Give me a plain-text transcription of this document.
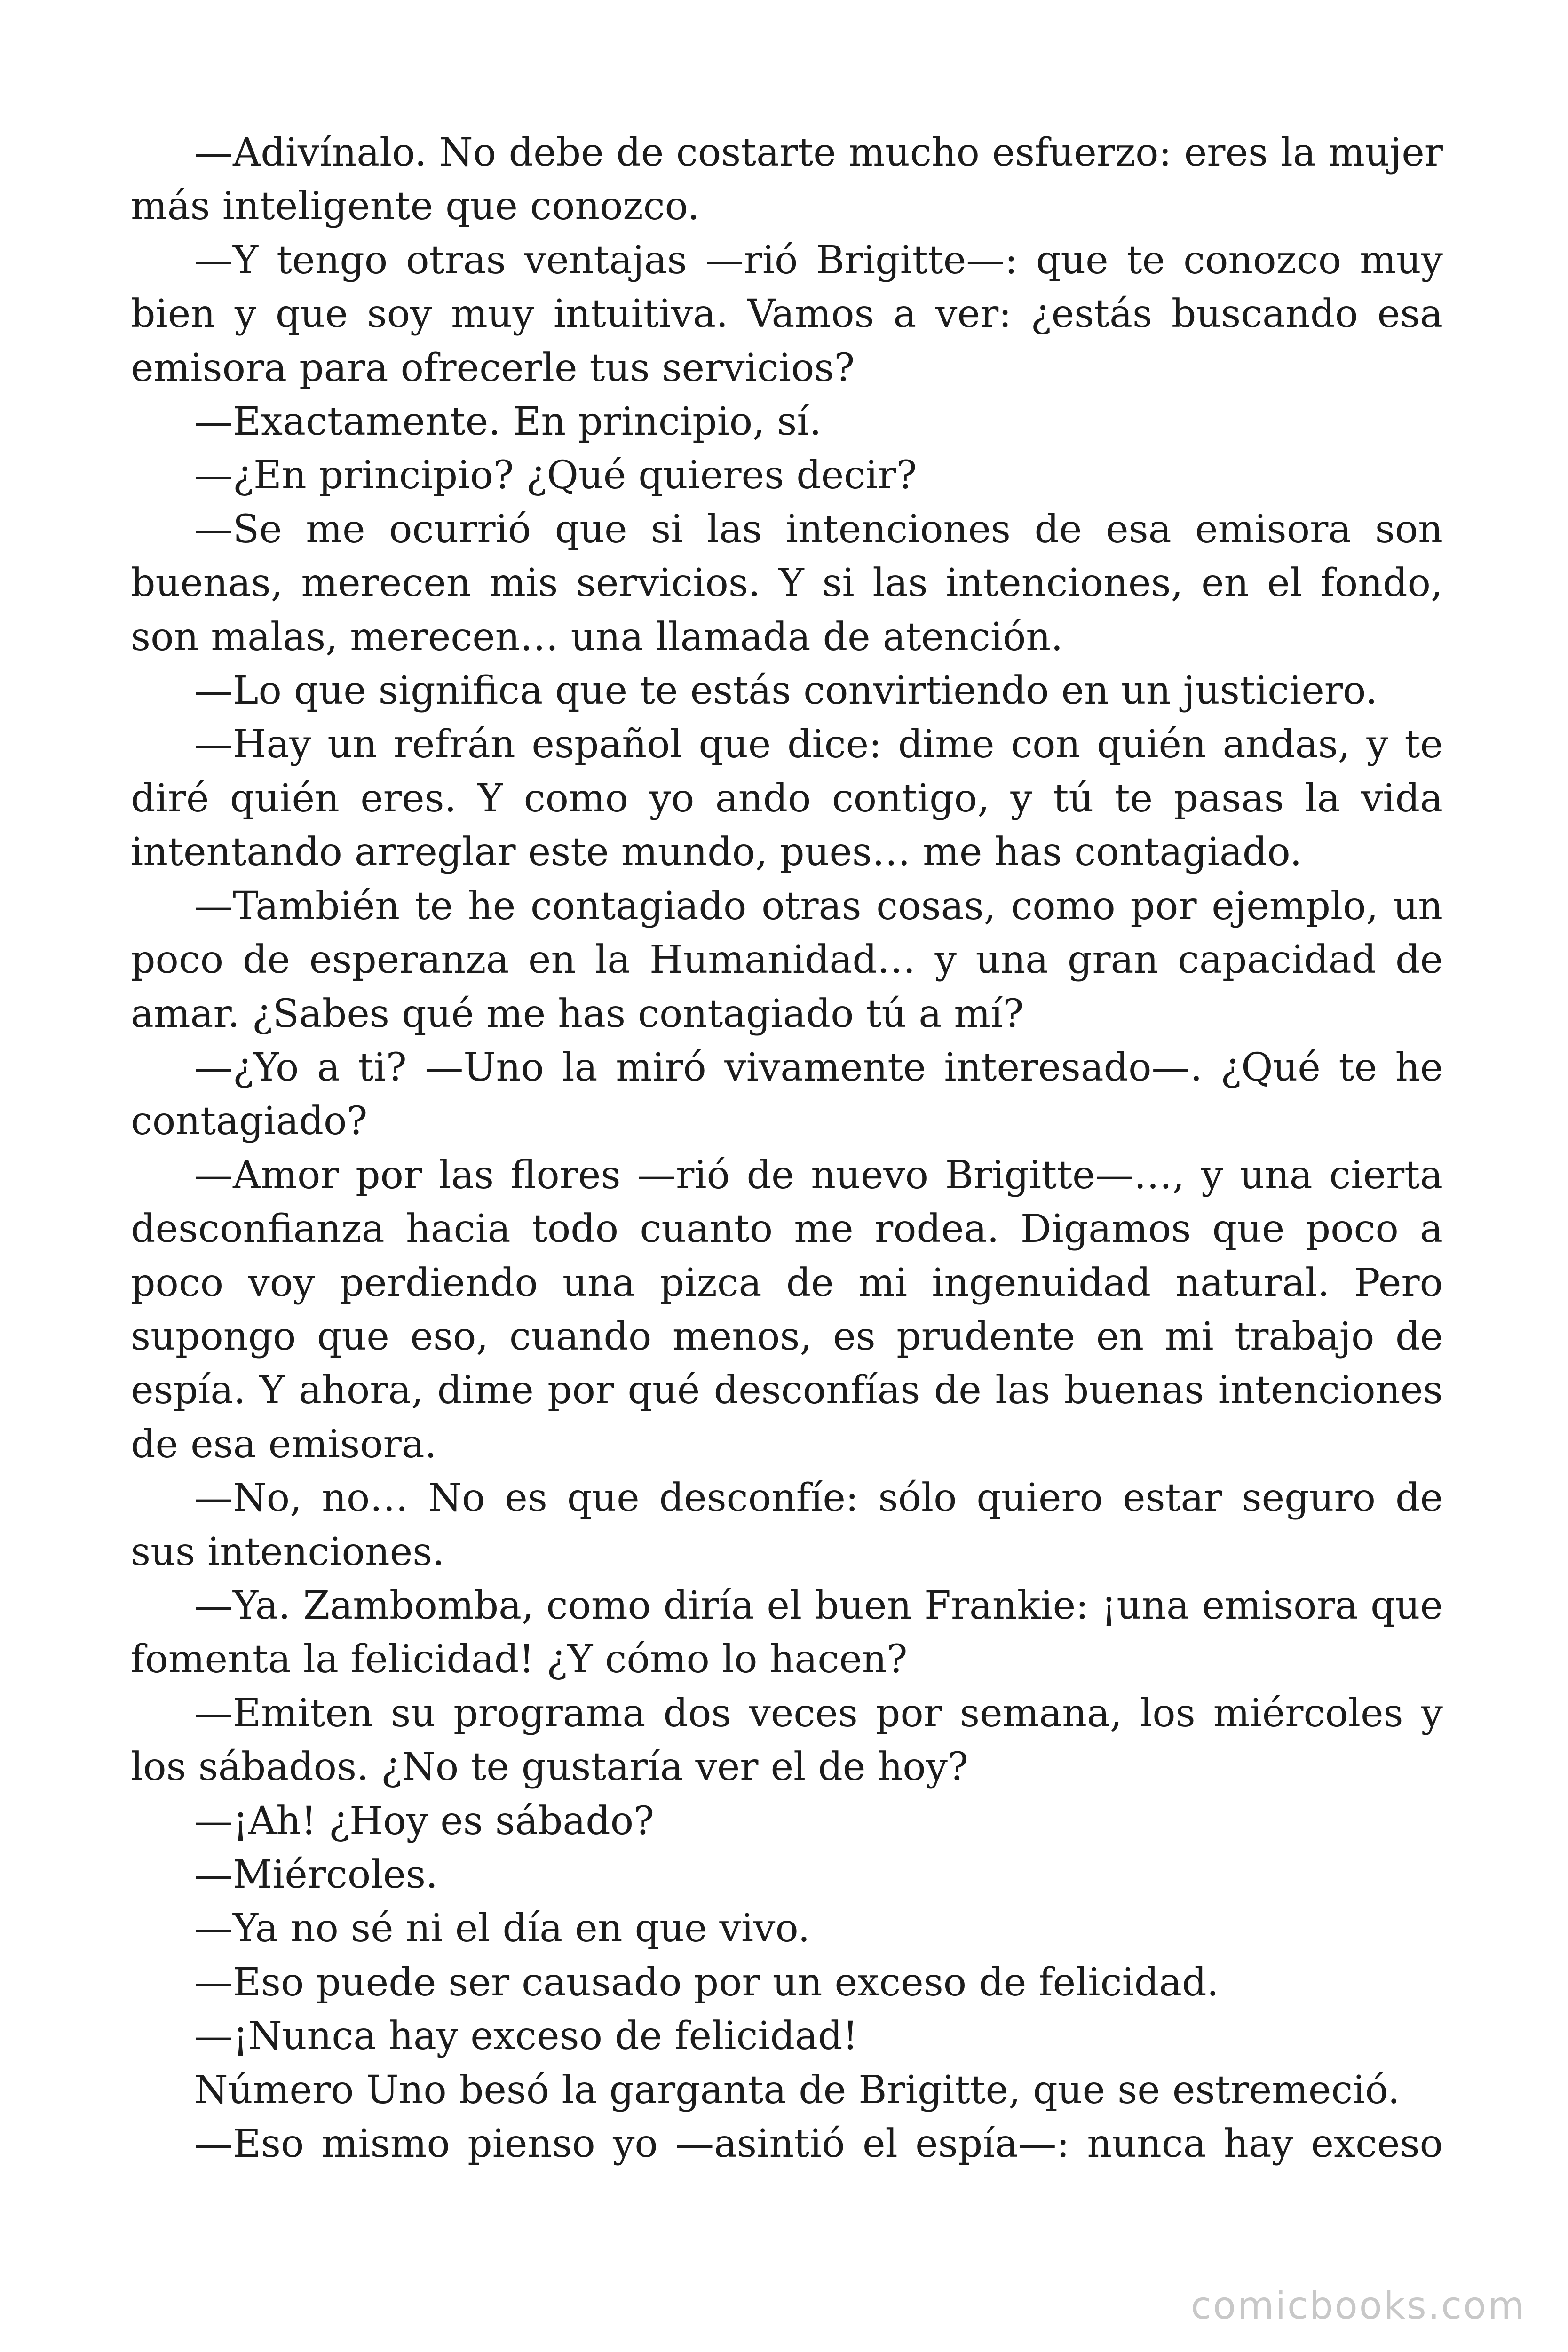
—Adivínalo. No debe de costarte mucho esfuerzo: eres la mujer más inteligente que conozco.

—Y tengo otras ventajas —rió Brigitte—: que te conozco muy bien y que soy muy intuitiva. Vamos a ver: ¿estás buscando esa emisora para ofrecerle tus servicios?

—Exactamente. En principio, sí.

—¿En principio? ¿Qué quieres decir?

—Se me ocurrió que si las intenciones de esa emisora son buenas, merecen mis servicios. Y si las intenciones, en el fondo, son malas, merecen… una llamada de atención.

—Lo que significa que te estás convirtiendo en un justiciero.

—Hay un refrán español que dice: dime con quién andas, y te diré quién eres. Y como yo ando contigo, y tú te pasas la vida intentando arreglar este mundo, pues… me has contagiado.

—También te he contagiado otras cosas, como por ejemplo, un poco de esperanza en la Humanidad… y una gran capacidad de amar. ¿Sabes qué me has contagiado tú a mí?

—¿Yo a ti? —Uno la miró vivamente interesado—. ¿Qué te he contagiado?

—Amor por las flores —rió de nuevo Brigitte—…, y una cierta desconfianza hacia todo cuanto me rodea. Digamos que poco a poco voy perdiendo una pizca de mi ingenuidad natural. Pero supongo que eso, cuando menos, es prudente en mi trabajo de espía. Y ahora, dime por qué desconfías de las buenas intenciones de esa emisora.

—No, no… No es que desconfíe: sólo quiero estar seguro de sus intenciones.

—Ya. Zambomba, como diría el buen Frankie: ¡una emisora que fomenta la felicidad! ¿Y cómo lo hacen?

—Emiten su programa dos veces por semana, los miércoles y los sábados. ¿No te gustaría ver el de hoy?

—¡Ah! ¿Hoy es sábado?

—Miércoles.

—Ya no sé ni el día en que vivo.

—Eso puede ser causado por un exceso de felicidad.

—¡Nunca hay exceso de felicidad!

Número Uno besó la garganta de Brigitte, que se estremeció.

—Eso mismo pienso yo —asintió el espía—: nunca hay exceso

comicbooks.com
